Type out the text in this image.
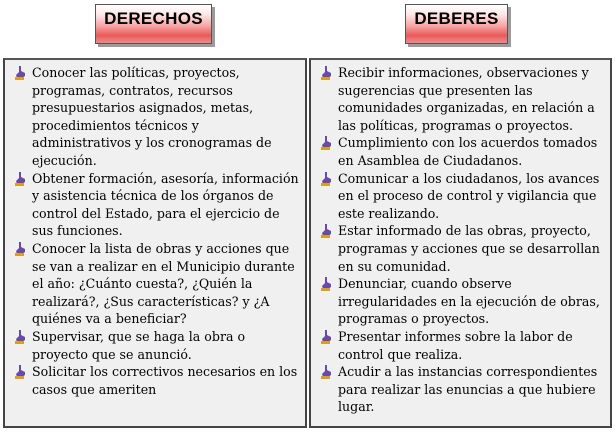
DERECHOS	DEBERES
Conocer las políticas, proyectos, programas, contratos, recursos presupuestarios asignados, metas, procedimientos técnicos y administrativos y los cronogramas de ejecución.
Obtener formación, asesoría, información y asistencia técnica de los órganos de control del Estado, para el ejercicio de sus funciones.
Conocer la lista de obras y acciones que se van a realizar en el Municipio durante el año: ¿Cuánto cuesta?, ¿Quién la realizará?, ¿Sus características? y ¿A quiénes va a beneficiar?
Supervisar, que se haga la obra o proyecto que se anunció.
Solicitar los correctivos necesarios en los casos que ameriten
Recibir informaciones, observaciones y sugerencias que presenten las comunidades organizadas, en relación a las políticas, programas o proyectos.
Cumplimiento con los acuerdos tomados en Asamblea de Ciudadanos.
Comunicar a los ciudadanos, los avances en el proceso de control y vigilancia que este realizando.
Estar informado de las obras, proyecto, programas y acciones que se desarrollan en su comunidad.
Denunciar, cuando observe irregularidades en la ejecución de obras, programas o proyectos.
Presentar informes sobre la labor de control que realiza.
Acudir a las instancias correspondientes para realizar las enuncias a que hubiere lugar.
